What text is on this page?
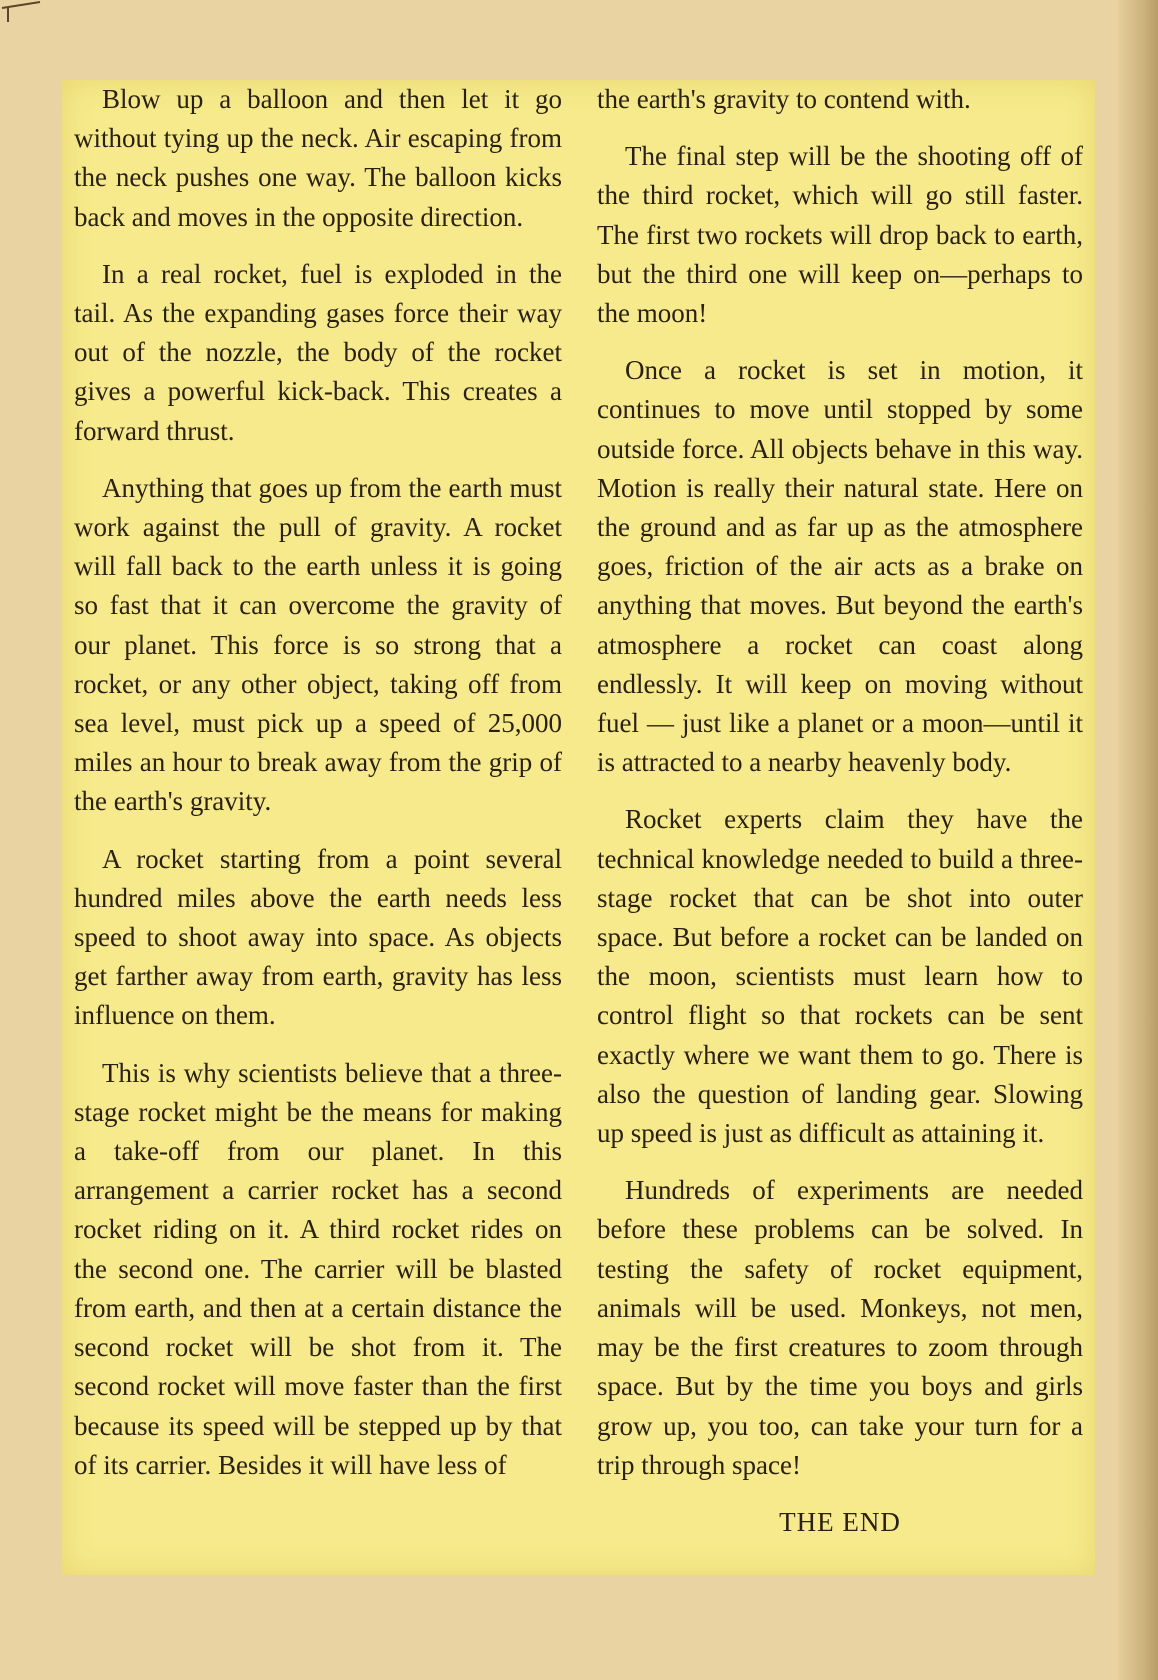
Blow up a balloon and then let it go without tying up the neck. Air escaping from the neck pushes one way. The balloon kicks back and moves in the opposite direction.

In a real rocket, fuel is exploded in the tail. As the expanding gases force their way out of the nozzle, the body of the rocket gives a powerful kick-back. This creates a forward thrust.

Anything that goes up from the earth must work against the pull of gravity. A rocket will fall back to the earth unless it is going so fast that it can overcome the gravity of our planet. This force is so strong that a rocket, or any other object, taking off from sea level, must pick up a speed of 25,000 miles an hour to break away from the grip of the earth's gravity.

A rocket starting from a point several hundred miles above the earth needs less speed to shoot away into space. As objects get farther away from earth, gravity has less influence on them.

This is why scientists believe that a three-stage rocket might be the means for making a take-off from our planet. In this arrangement a carrier rocket has a second rocket riding on it. A third rocket rides on the second one. The carrier will be blasted from earth, and then at a certain distance the second rocket will be shot from it. The second rocket will move faster than the first because its speed will be stepped up by that of its carrier. Besides it will have less of

the earth's gravity to contend with.

The final step will be the shooting off of the third rocket, which will go still faster. The first two rockets will drop back to earth, but the third one will keep on—perhaps to the moon!

Once a rocket is set in motion, it continues to move until stopped by some outside force. All objects behave in this way. Motion is really their natural state. Here on the ground and as far up as the atmosphere goes, friction of the air acts as a brake on anything that moves. But beyond the earth's atmosphere a rocket can coast along endlessly. It will keep on moving without fuel — just like a planet or a moon—until it is attracted to a nearby heavenly body.

Rocket experts claim they have the technical knowledge needed to build a three-stage rocket that can be shot into outer space. But before a rocket can be landed on the moon, scientists must learn how to control flight so that rockets can be sent exactly where we want them to go. There is also the question of landing gear. Slowing up speed is just as difficult as attaining it.

Hundreds of experiments are needed before these problems can be solved. In testing the safety of rocket equipment, animals will be used. Monkeys, not men, may be the first creatures to zoom through space. But by the time you boys and girls grow up, you too, can take your turn for a trip through space!

THE END
